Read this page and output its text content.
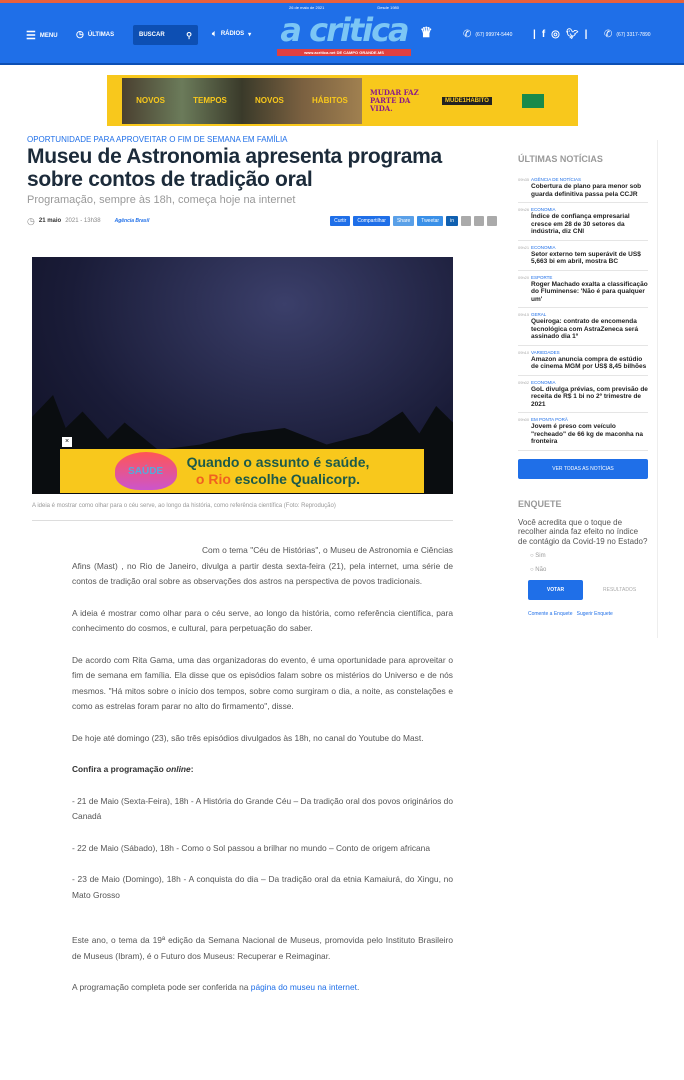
☰ MENU ◷ ÚLTIMAS	BUSCAR	⚲	🔈︎ RÁDIOS ▾
26 de maio de 2021	Desde 1980
a critica
www.acritica.net DE CAMPO GRANDE-MS
♛	✆ (67) 99974-5440 | f ◎ 🐦︎ | ✆ (67) 3317-7890
NOVOS	TEMPOS	NOVOS	HÁBITOS
MUDAR FAZ PARTE DA VIDA.
MUDE1HABITO
OPORTUNIDADE PARA APROVEITAR O FIM DE SEMANA EM FAMÍLIA
Museu de Astronomia apresenta programa sobre contos de tradição oral
Programação, sempre às 18h, começa hoje na internet
◷ 21 maio 2021 - 13h38	Agência Brasil	Curtir	Compartilhar	Share	Tweetar	in
×
SAÚDE
Quando o assunto é saúde,
o Rio escolhe Qualicorp.
A ideia é mostrar como olhar para o céu serve, ao longo da história, como referência científica (Foto: Reprodução)

Com o tema "Céu de Histórias", o Museu de Astronomia e Ciências Afins (Mast) , no Rio de Janeiro, divulga a partir desta sexta-feira (21), pela internet, uma série de contos de tradição oral sobre as observações dos astros na perspectiva de povos tradicionais.

A ideia é mostrar como olhar para o céu serve, ao longo da história, como referência científica, para conhecimento do cosmos, e cultural, para perpetuação do saber.

De acordo com Rita Gama, uma das organizadoras do evento, é uma oportunidade para aproveitar o fim de semana em família. Ela disse que os episódios falam sobre os mistérios do Universo e de nós mesmos. "Há mitos sobre o início dos tempos, sobre como surgiram o dia, a noite, as constelações e como as estrelas foram parar no alto do firmamento", disse.

De hoje até domingo (23), são três episódios divulgados às 18h, no canal do Youtube do Mast.

Confira a programação online:

- 21 de Maio (Sexta-Feira), 18h - A História do Grande Céu – Da tradição oral dos povos originários do Canadá

- 22 de Maio (Sábado), 18h - Como o Sol passou a brilhar no mundo – Conto de origem africana

- 23 de Maio (Domingo), 18h - A conquista do dia – Da tradição oral da etnia Kamaiurá, do Xingu, no Mato Grosso

Este ano, o tema da 19ª edição da Semana Nacional de Museus, promovida pelo Instituto Brasileiro de Museus (Ibram), é o Futuro dos Museus: Recuperar e Reimaginar.

A programação completa pode ser conferida na página do museu na internet.

ÚLTIMAS NOTÍCIAS
09h35 AGÊNCIA DE NOTÍCIAS
Cobertura de plano para menor sob guarda definitiva passa pela CCJR
09h26 ECONOMIA
Índice de confiança empresarial cresce em 28 de 30 setores da indústria, diz CNI
09h21 ECONOMIA
Setor externo tem superávit de US$ 5,663 bi em abril, mostra BC
09h20 ESPORTE
Roger Machado exalta a classificação do Fluminense: 'Não é para qualquer um'
09h15 GERAL
Queiroga: contrato de encomenda tecnológica com AstraZeneca será assinado dia 1º
09h10 VARIEDADES
Amazon anuncia compra de estúdio de cinema MGM por US$ 8,45 bilhões
09h02 ECONOMIA
GoL divulga prévias, com previsão de receita de R$ 1 bi no 2º trimestre de 2021
09h00 EM PONTA PORÃ
Jovem é preso com veículo "recheado" de 66 kg de maconha na fronteira
VER TODAS AS NOTÍCIAS
ENQUETE
Você acredita que o toque de recolher ainda faz efeito no índice de contágio da Covid-19 no Estado?
○ Sim
○ Não
VOTAR	RESULTADOS
Comente a Enquete Sugerir Enquete
